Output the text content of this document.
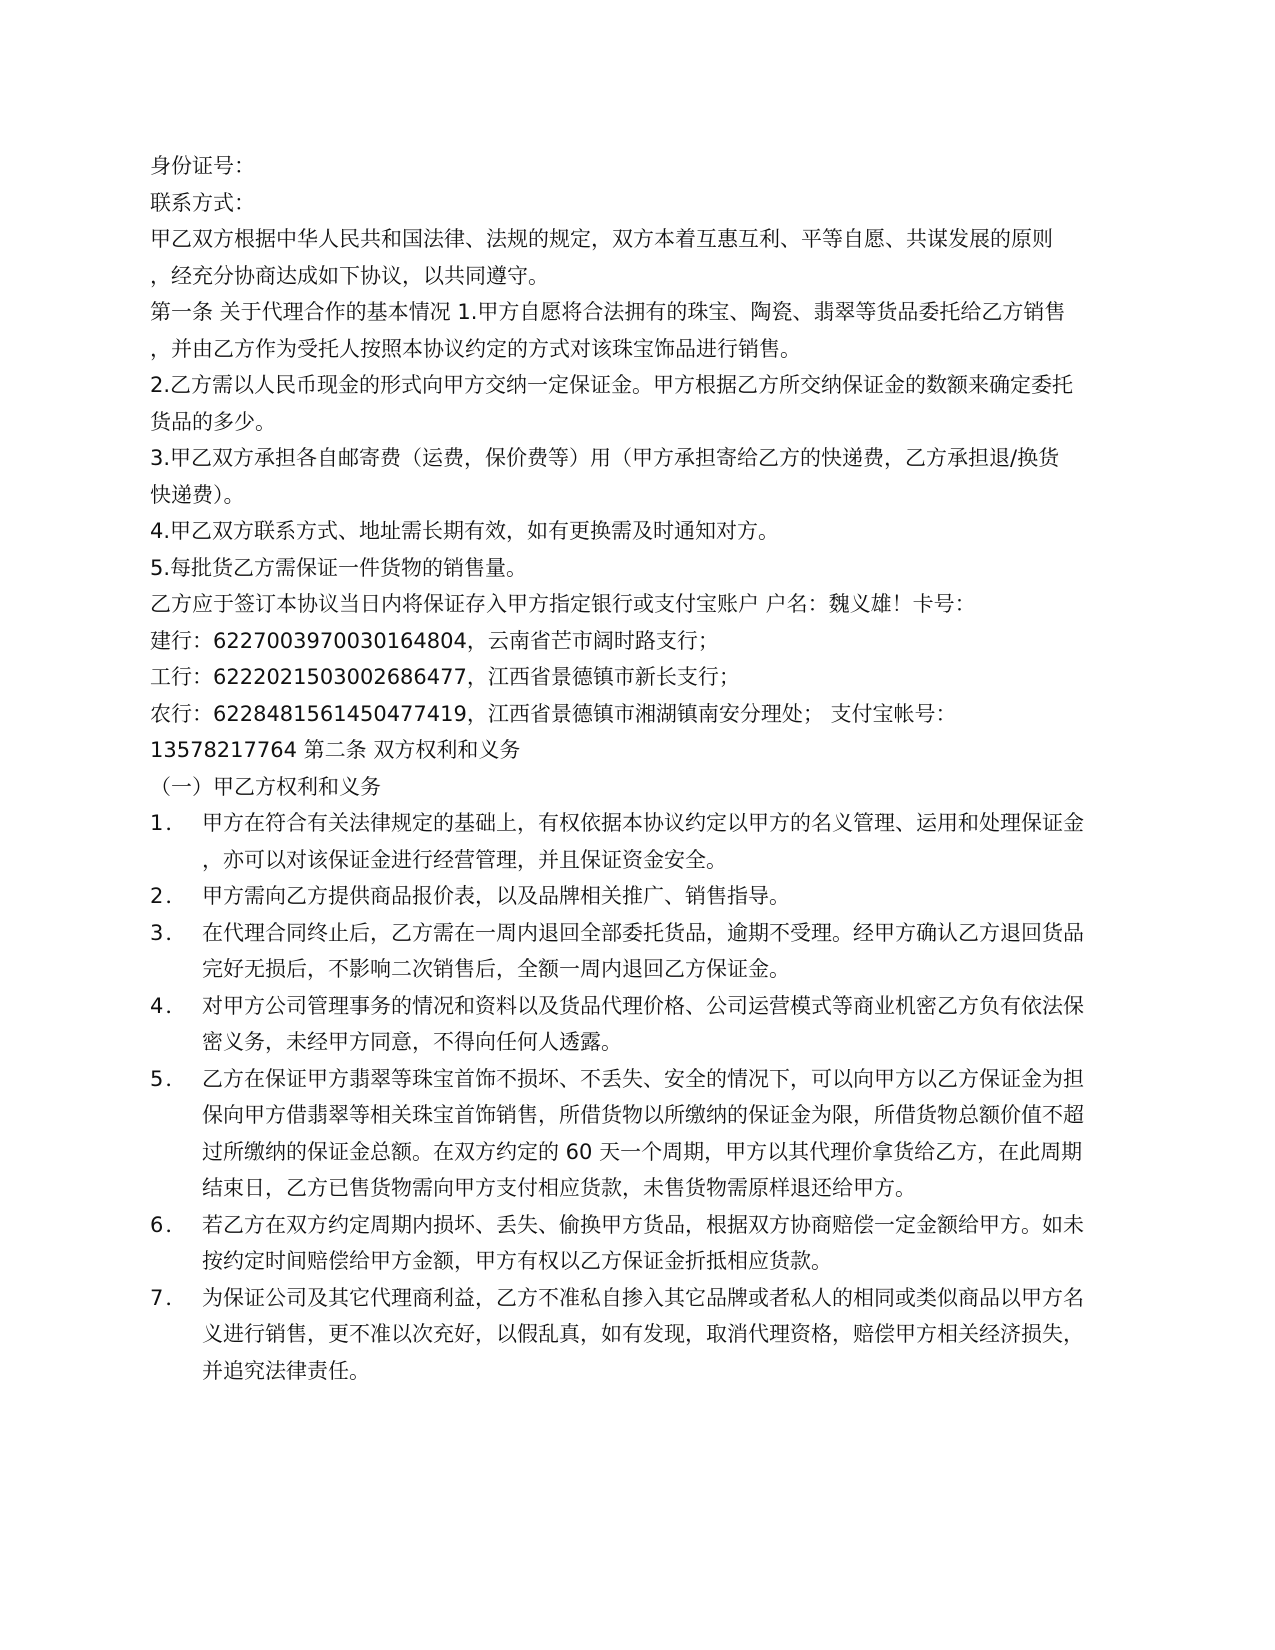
身份证号：
联系方式：
甲乙双方根据中华人民共和国法律、法规的规定，双方本着互惠互利、平等自愿、共谋发展的原则
，经充分协商达成如下协议，以共同遵守。
第一条 关于代理合作的基本情况 1.甲方自愿将合法拥有的珠宝、陶瓷、翡翠等货品委托给乙方销售
，并由乙方作为受托人按照本协议约定的方式对该珠宝饰品进行销售。
2.乙方需以人民币现金的形式向甲方交纳一定保证金。甲方根据乙方所交纳保证金的数额来确定委托
货品的多少。
3.甲乙双方承担各自邮寄费（运费，保价费等）用（甲方承担寄给乙方的快递费，乙方承担退/换货
快递费）。
4.甲乙双方联系方式、地址需长期有效，如有更换需及时通知对方。
5.每批货乙方需保证一件货物的销售量。
乙方应于签订本协议当日内将保证存入甲方指定银行或支付宝账户 户名：魏义雄！卡号：
建行：6227003970030164804，云南省芒市阔时路支行；
工行：6222021503002686477，江西省景德镇市新长支行；
农行：6228481561450477419，江西省景德镇市湘湖镇南安分理处； 支付宝帐号：
13578217764 第二条 双方权利和义务
（一）甲乙方权利和义务
1． 甲方在符合有关法律规定的基础上，有权依据本协议约定以甲方的名义管理、运用和处理保证金
，亦可以对该保证金进行经营管理，并且保证资金安全。
2． 甲方需向乙方提供商品报价表，以及品牌相关推广、销售指导。
3． 在代理合同终止后，乙方需在一周内退回全部委托货品，逾期不受理。经甲方确认乙方退回货品
完好无损后，不影响二次销售后，全额一周内退回乙方保证金。
4． 对甲方公司管理事务的情况和资料以及货品代理价格、公司运营模式等商业机密乙方负有依法保
密义务，未经甲方同意，不得向任何人透露。
5． 乙方在保证甲方翡翠等珠宝首饰不损坏、不丢失、安全的情况下，可以向甲方以乙方保证金为担
保向甲方借翡翠等相关珠宝首饰销售，所借货物以所缴纳的保证金为限，所借货物总额价值不超
过所缴纳的保证金总额。在双方约定的 60 天一个周期，甲方以其代理价拿货给乙方，在此周期
结束日，乙方已售货物需向甲方支付相应货款，未售货物需原样退还给甲方。
6． 若乙方在双方约定周期内损坏、丢失、偷换甲方货品，根据双方协商赔偿一定金额给甲方。如未
按约定时间赔偿给甲方金额，甲方有权以乙方保证金折抵相应货款。
7． 为保证公司及其它代理商利益，乙方不准私自掺入其它品牌或者私人的相同或类似商品以甲方名
义进行销售，更不准以次充好，以假乱真，如有发现，取消代理资格，赔偿甲方相关经济损失，
并追究法律责任。
